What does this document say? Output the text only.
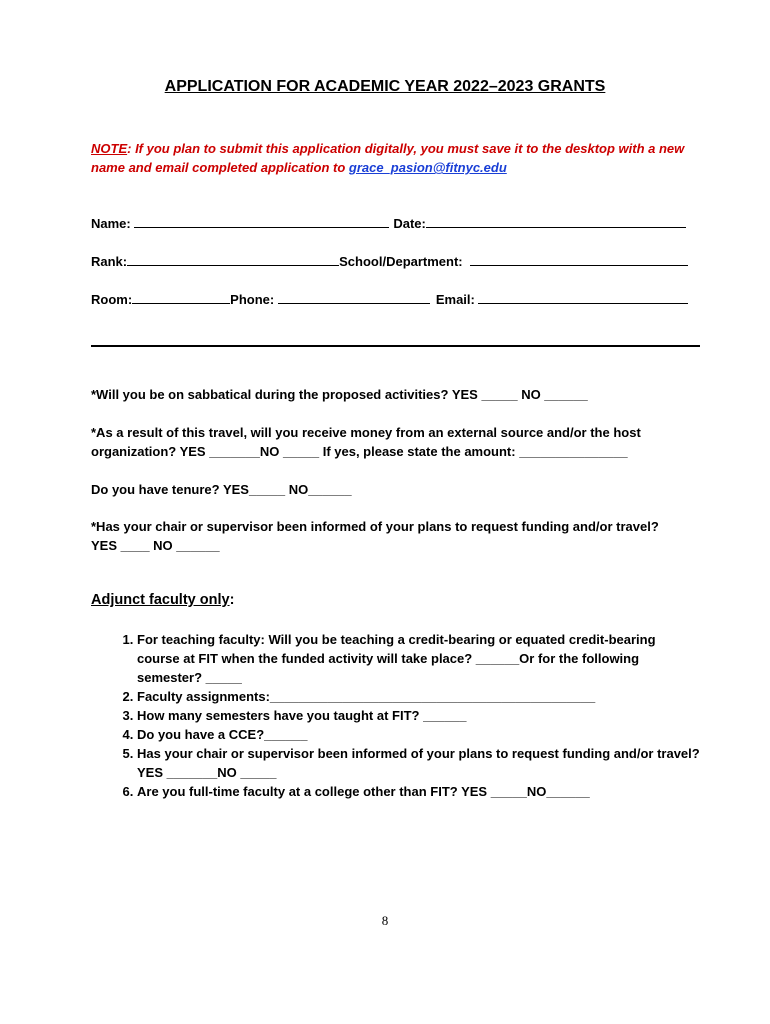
APPLICATION FOR ACADEMIC YEAR 2022–2023 GRANTS
NOTE: If you plan to submit this application digitally, you must save it to the desktop with a new name and email completed application to grace_pasion@fitnyc.edu
Name:	Date:
Rank:	School/Department:
Room:	Phone:	Email:
*Will you be on sabbatical during the proposed activities? YES _____ NO ______
*As a result of this travel, will you receive money from an external source and/or the host
organization? YES _______NO _____ If yes, please state the amount: _______________
Do you have tenure? YES_____ NO______
*Has your chair or supervisor been informed of your plans to request funding and/or travel?
YES ____ NO ______
Adjunct faculty only:
1. For teaching faculty: Will you be teaching a credit-bearing or equated credit-bearing course at FIT when the funded activity will take place? ______Or for the following semester? _____
2. Faculty assignments:_____________________________________________
3. How many semesters have you taught at FIT? ______
4. Do you have a CCE?______
5. Has your chair or supervisor been informed of your plans to request funding and/or travel? YES _______NO _____
6. Are you full-time faculty at a college other than FIT? YES _____NO______
8
